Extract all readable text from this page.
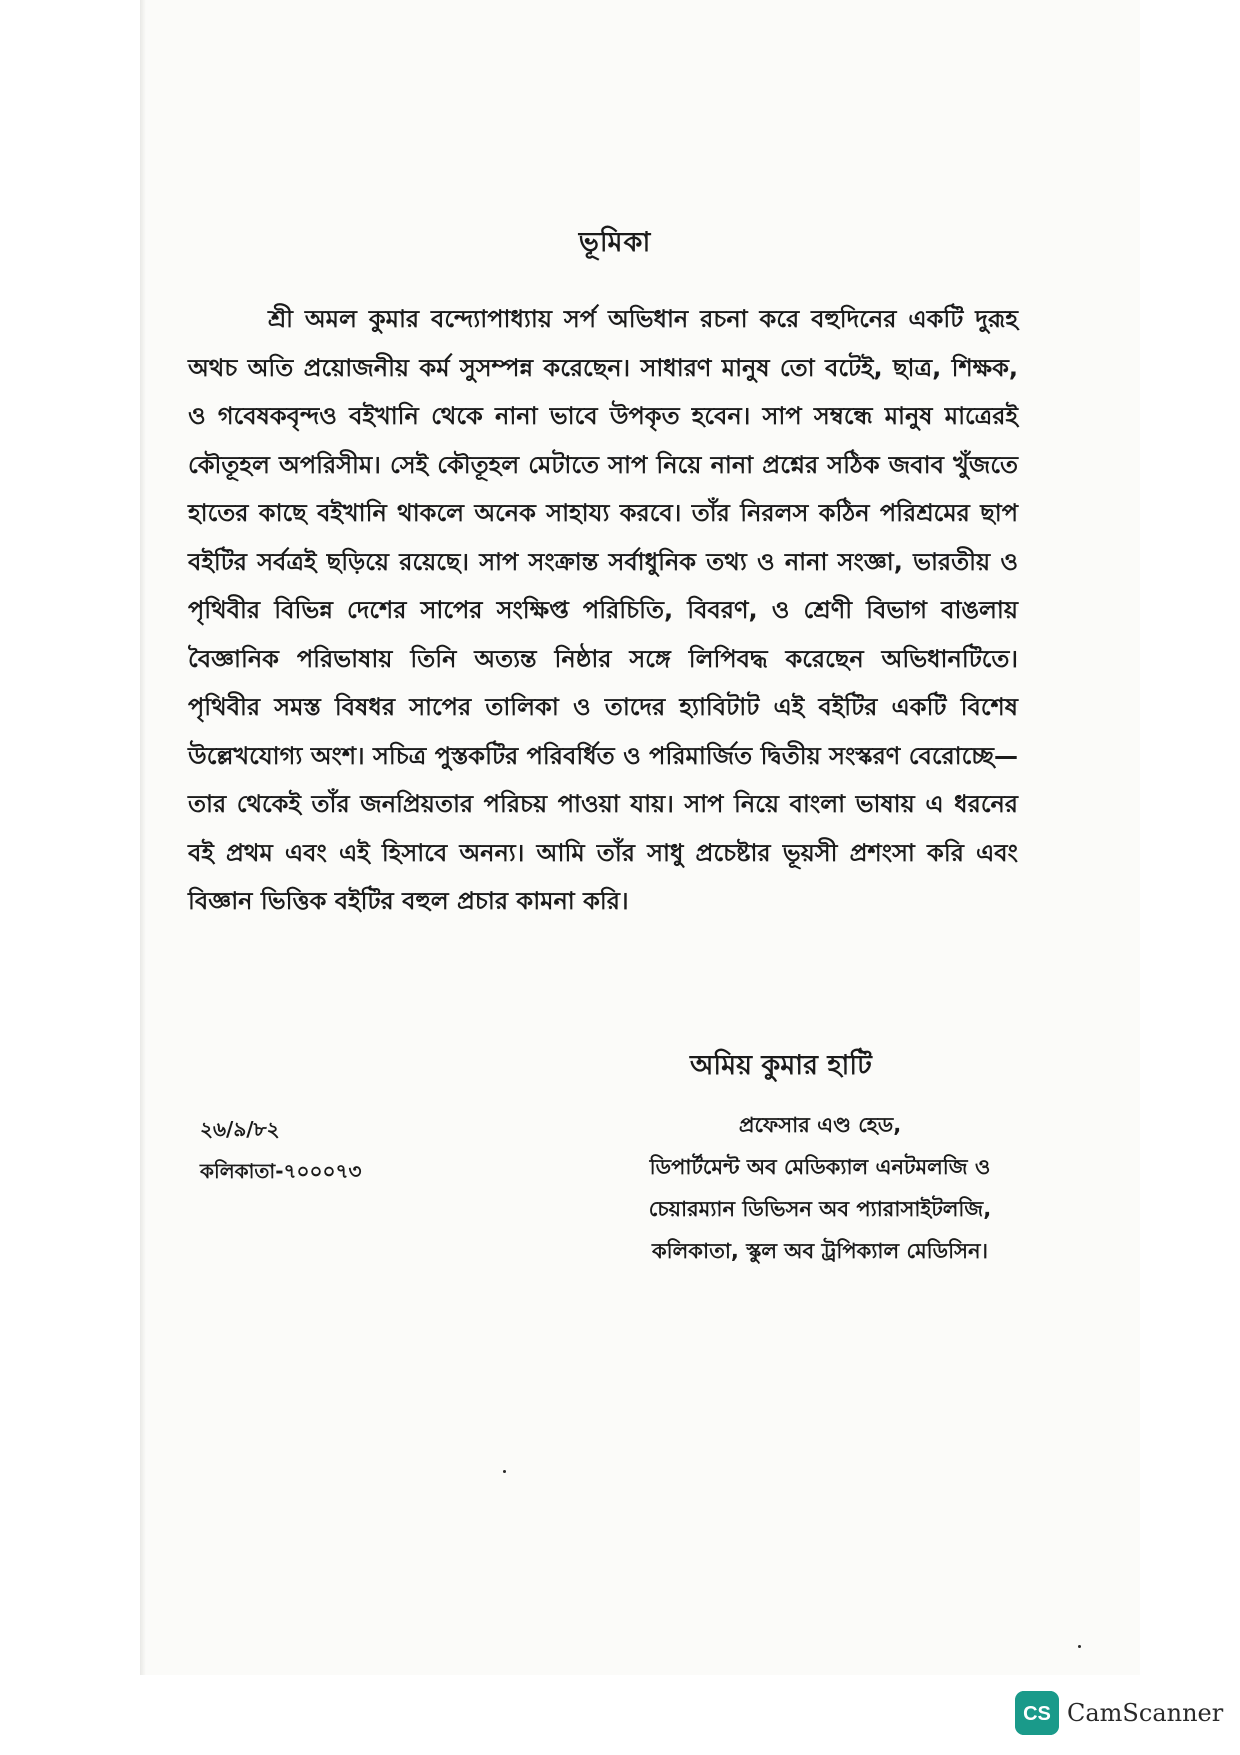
ভূমিকা

শ্রী অমল কুমার বন্দ্যোপাধ্যায় সর্প অভিধান রচনা করে বহুদিনের একটি দুরূহ অথচ অতি প্রয়োজনীয় কর্ম সুসম্পন্ন করেছেন। সাধারণ মানুষ তো বটেই, ছাত্র, শিক্ষক, ও গবেষকবৃন্দও বইখানি থেকে নানা ভাবে উপকৃত হবেন। সাপ সম্বন্ধে মানুষ মাত্রেরই কৌতূহল অপরিসীম। সেই কৌতূহল মেটাতে সাপ নিয়ে নানা প্রশ্নের সঠিক জবাব খুঁজতে হাতের কাছে বইখানি থাকলে অনেক সাহায্য করবে। তাঁর নিরলস কঠিন পরিশ্রমের ছাপ বইটির সর্বত্রই ছড়িয়ে রয়েছে। সাপ সংক্রান্ত সর্বাধুনিক তথ্য ও নানা সংজ্ঞা, ভারতীয় ও পৃথিবীর বিভিন্ন দেশের সাপের সংক্ষিপ্ত পরিচিতি, বিবরণ, ও শ্রেণী বিভাগ বাঙলায় বৈজ্ঞানিক পরিভাষায় তিনি অত্যন্ত নিষ্ঠার সঙ্গে লিপিবদ্ধ করেছেন অভিধানটিতে। পৃথিবীর সমস্ত বিষধর সাপের তালিকা ও তাদের হ্যাবিটাট এই বইটির একটি বিশেষ উল্লেখযোগ্য অংশ। সচিত্র পুস্তকটির পরিবর্ধিত ও পরিমার্জিত দ্বিতীয় সংস্করণ বেরোচ্ছে—তার থেকেই তাঁর জনপ্রিয়তার পরিচয় পাওয়া যায়। সাপ নিয়ে বাংলা ভাষায় এ ধরনের বই প্রথম এবং এই হিসাবে অনন্য। আমি তাঁর সাধু প্রচেষ্টার ভূয়সী প্রশংসা করি এবং বিজ্ঞান ভিত্তিক বইটির বহুল প্রচার কামনা করি।

অমিয় কুমার হাটি
২৬/৯/৮২
কলিকাতা-৭০০০৭৩
প্রফেসার এণ্ড হেড,
ডিপার্টমেন্ট অব মেডিক্যাল এনটমলজি ও
চেয়ারম্যান ডিভিসন অব প্যারাসাইটলজি,
কলিকাতা, স্কুল অব ট্রপিক্যাল মেডিসিন।
CS CamScanner
